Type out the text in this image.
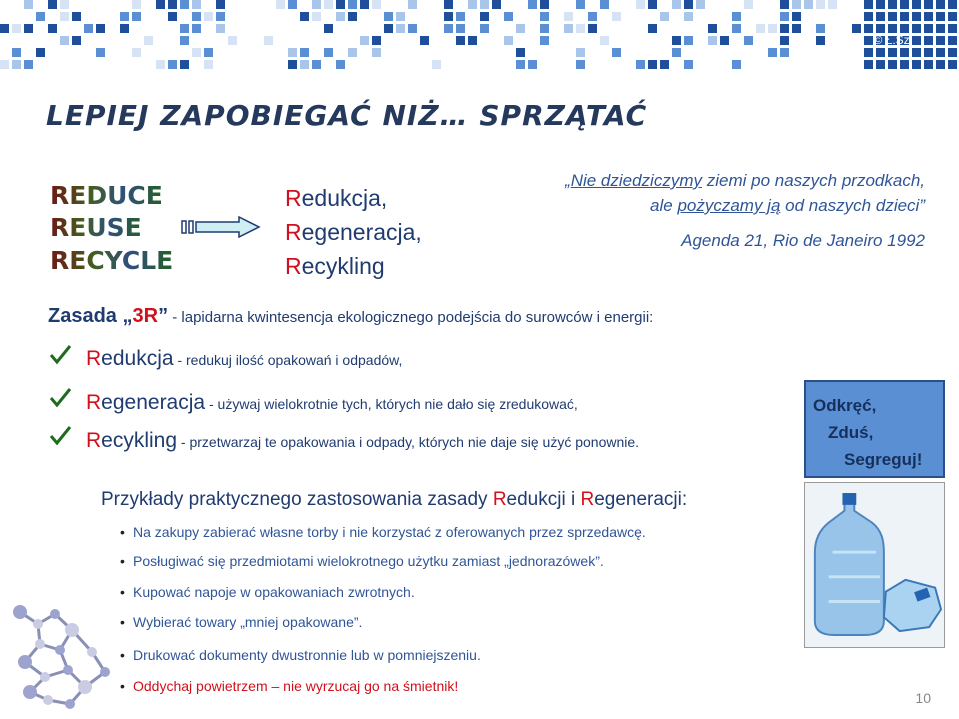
© Ł.Sz.
LEPIEJ ZAPOBIEGAĆ NIŻ… SPRZĄTAĆ
REDUCE
REUSE
RECYCLE
Redukcja,
Regeneracja,
Recykling
„Nie dziedziczymy ziemi po naszych przodkach,
ale pożyczamy ją od naszych dzieci”
Agenda 21, Rio de Janeiro 1992
Zasada „3R” - lapidarna kwintesencja ekologicznego podejścia do surowców i energii:
Redukcja - redukuj ilość opakowań i odpadów,
Regeneracja - używaj wielokrotnie tych, których nie dało się zredukować,
Recykling - przetwarzaj te opakowania i odpady, których nie daje się użyć ponownie.
Odkręć,
Zduś,
Segreguj!
Przykłady praktycznego zastosowania zasady Redukcji i Regeneracji:
• Na zakupy zabierać własne torby i nie korzystać z oferowanych przez sprzedawcę.
• Posługiwać się przedmiotami wielokrotnego użytku zamiast „jednorazówek”.
• Kupować napoje w opakowaniach zwrotnych.
• Wybierać towary „mniej opakowane”.
• Drukować dokumenty dwustronnie lub w pomniejszeniu.
• Oddychaj powietrzem – nie wyrzucaj go na śmietnik!
10
